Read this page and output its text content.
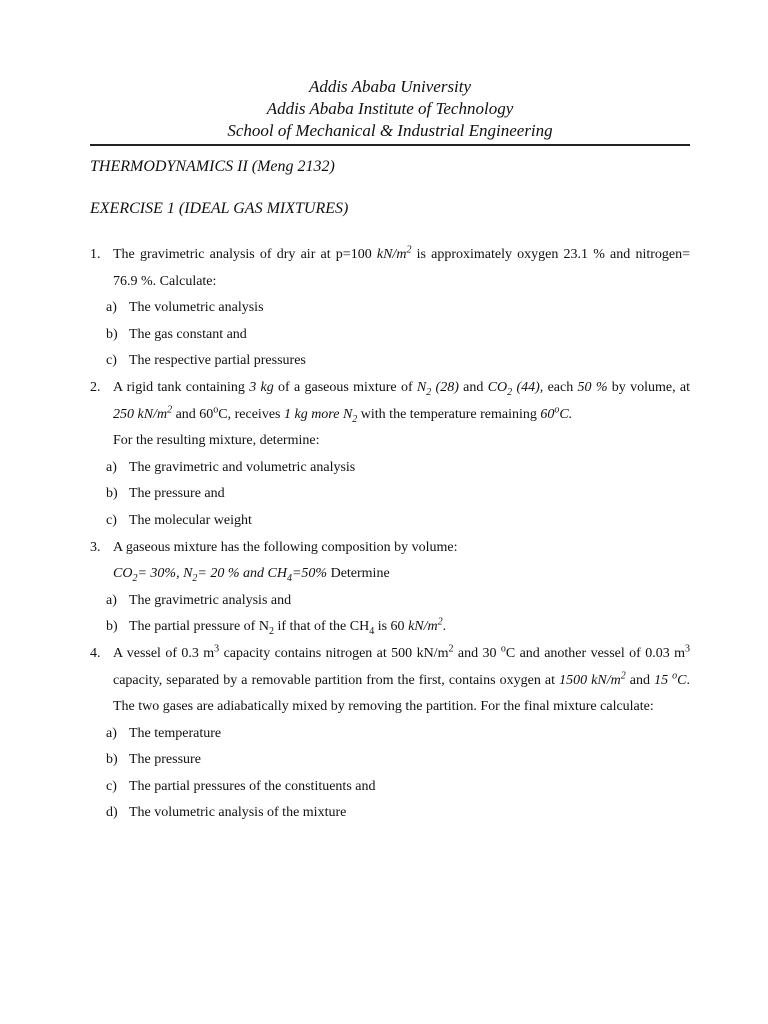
Addis Ababa University
Addis Ababa Institute of Technology
School of Mechanical & Industrial Engineering
THERMODYNAMICS II (Meng 2132)
EXERCISE 1 (IDEAL GAS MIXTURES)
1. The gravimetric analysis of dry air at p=100 $kN/m^2$ is approximately oxygen 23.1 % and nitrogen= 76.9 %. Calculate:
a) The volumetric analysis
b) The gas constant and
c) The respective partial pressures
2. A rigid tank containing 3 kg of a gaseous mixture of $N_2$ (28) and $CO_2$ (44), each 50 % by volume, at 250 $kN/m^2$ and 60$^o$C, receives 1 kg more $N_2$ with the temperature remaining 60$^o$C.
For the resulting mixture, determine:
a) The gravimetric and volumetric analysis
b) The pressure and
c) The molecular weight
3. A gaseous mixture has the following composition by volume:
$CO_2= 30\%$, $N_2= 20$ % and $CH_4=50\%$ Determine
a) The gravimetric analysis and
b) The partial pressure of $N_2$ if that of the $CH_4$ is 60 $kN/m^2$.
4. A vessel of 0.3 $m^3$ capacity contains nitrogen at 500 $kN/m^2$ and 30 $^o$C and another vessel of 0.03 $m^3$ capacity, separated by a removable partition from the first, contains oxygen at 1500 $kN/m^2$ and 15 $^o$C. The two gases are adiabatically mixed by removing the partition. For the final mixture calculate:
a) The temperature
b) The pressure
c) The partial pressures of the constituents and
d) The volumetric analysis of the mixture
